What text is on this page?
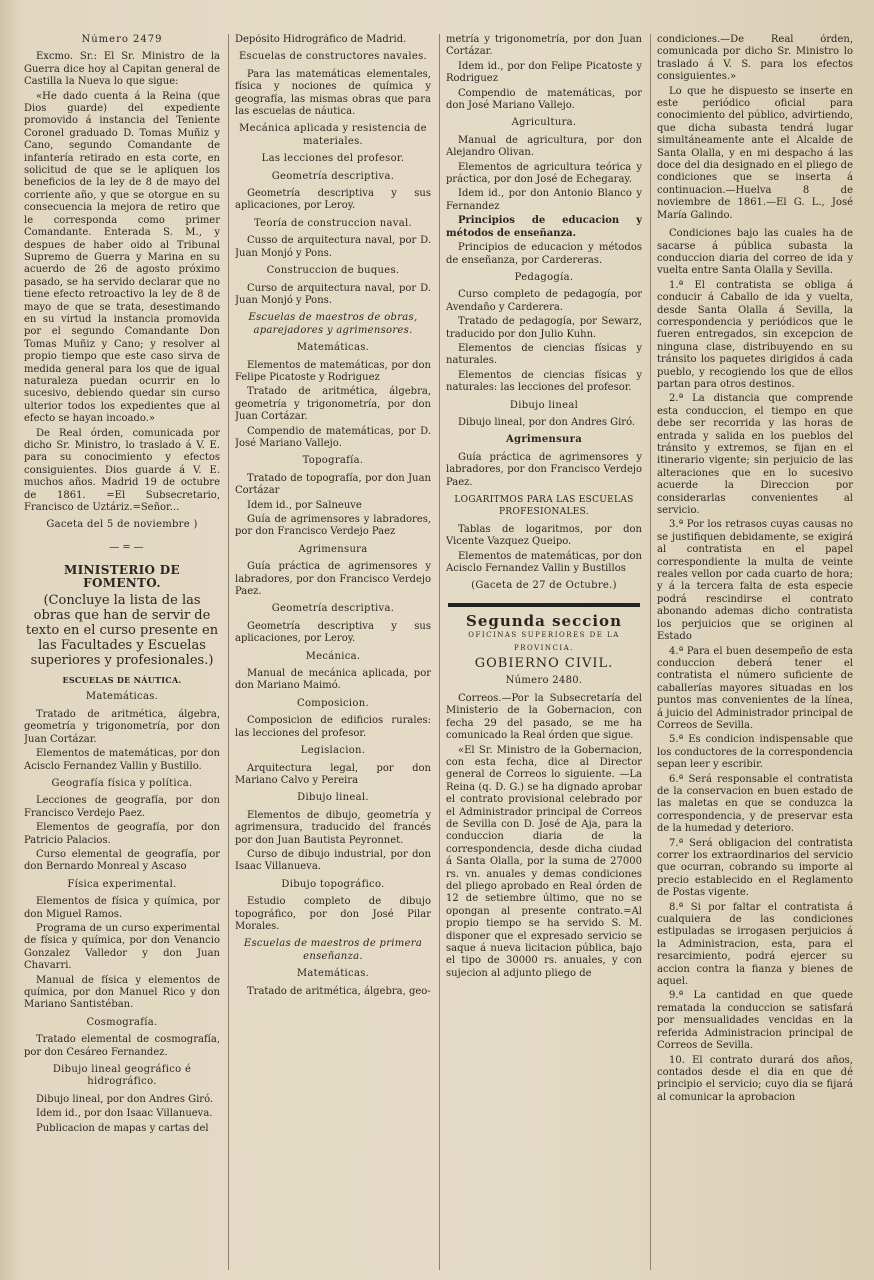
Número 2479

Excmo. Sr.: El Sr. Ministro de la Guerra dice hoy al Capitan general de Castilla la Nueva lo que sigue:

«He dado cuenta á la Reina (que Dios guarde) del expediente promovido á instancia del Teniente Coronel graduado D. Tomas Muñiz y Cano, segundo Comandante de infantería retirado en esta corte, en solicitud de que se le apliquen los beneficios de la ley de 8 de mayo del corriente año, y que se otorgue en su consecuencia la mejora de retiro que le corresponda como primer Comandante. Enterada S. M., y despues de haber oido al Tribunal Supremo de Guerra y Marina en su acuerdo de 26 de agosto próximo pasado, se ha servido declarar que no tiene efecto retroactivo la ley de 8 de mayo de que se trata, desestimando en su virtud la instancia promovida por el segundo Comandante Don Tomas Muñiz y Cano; y resolver al propio tiempo que este caso sirva de medida general para los que de igual naturaleza puedan ocurrir en lo sucesivo, debiendo quedar sin curso ulterior todos los expedientes que al efecto se hayan incoado.»

De Real órden, comunicada por dicho Sr. Ministro, lo traslado á V. E. para su conocimiento y efectos consiguientes. Dios guarde á V. E. muchos años. Madrid 19 de octubre de 1861. =El Subsecretario, Francisco de Uztáriz.=Señor...

Gaceta del 5 de noviembre )

—=—

MINISTERIO DE FOMENTO.

(Concluye la lista de las obras que han de servir de texto en el curso presente en las Facultades y Escuelas superiores y profesionales.)

ESCUELAS DE NÁUTICA.

Matemáticas.

Tratado de aritmética, álgebra, geometría y trigonometría, por don Juan Cortázar.

Elementos de matemáticas, por don Acisclo Fernandez Vallin y Bustillo.

Geografía física y política.

Lecciones de geografía, por don Francisco Verdejo Paez.

Elementos de geografía, por don Patricio Palacios.

Curso elemental de geografía, por don Bernardo Monreal y Ascaso

Física experimental.

Elementos de física y química, por don Miguel Ramos.

Programa de un curso experimental de física y química, por don Venancio Gonzalez Valledor y don Juan Chavarri.

Manual de física y elementos de química, por don Manuel Rico y don Mariano Santistéban.

Cosmografía.

Tratado elemental de cosmografía, por don Cesáreo Fernandez.

Dibujo lineal geográfico é hidrográfico.

Dibujo lineal, por don Andres Giró.

Idem id., por don Isaac Villanueva.

Publicacion de mapas y cartas del

Depósito Hidrográfico de Madrid.

Escuelas de constructores navales.

Para las matemáticas elementales, física y nociones de química y geografía, las mismas obras que para las escuelas de náutica.

Mecánica aplicada y resistencia de materiales.

Las lecciones del profesor.

Geometría descriptiva.

Geometría descriptiva y sus aplicaciones, por Leroy.

Teoría de construccion naval.

Cusso de arquitectura naval, por D. Juan Monjó y Pons.

Construccion de buques.

Curso de arquitectura naval, por D. Juan Monjó y Pons.

Escuelas de maestros de obras, aparejadores y agrimensores.

Matemáticas.

Elementos de matemáticas, por don Felipe Picatoste y Rodriguez

Tratado de aritmética, álgebra, geometría y trigonometría, por don Juan Cortázar.

Compendio de matemáticas, por D. José Mariano Vallejo.

Topografía.

Tratado de topografía, por don Juan Cortázar

Idem id., por Salneuve

Guía de agrimensores y labradores, por don Francisco Verdejo Paez

Agrimensura

Guía práctica de agrimensores y labradores, por don Francisco Verdejo Paez.

Geometría descriptiva.

Geometría descriptiva y sus aplicaciones, por Leroy.

Mecánica.

Manual de mecánica aplicada, por don Mariano Maimó.

Composicion.

Composicion de edificios rurales: las lecciones del profesor.

Legislacion.

Arquitectura legal, por don Mariano Calvo y Pereira

Dibujo lineal.

Elementos de dibujo, geometría y agrimensura, traducido del francés por don Juan Bautista Peyronnet.

Curso de dibujo industrial, por don Isaac Villanueva.

Dibujo topográfico.

Estudio completo de dibujo topográfico, por don José Pilar Morales.

Escuelas de maestros de primera enseñanza.

Matemáticas.

Tratado de aritmética, álgebra, geo-

metría y trigonometría, por don Juan Cortázar.

Idem id., por don Felipe Picatoste y Rodriguez

Compendio de matemáticas, por don José Mariano Vallejo.

Agricultura.

Manual de agricultura, por don Alejandro Olivan.

Elementos de agricultura teórica y práctica, por don José de Echegaray.

Idem id., por don Antonio Blanco y Fernandez

Principios de educacion y métodos de enseñanza.

Principios de educacion y métodos de enseñanza, por Cardereras.

Pedagogía.

Curso completo de pedagogía, por Avendaño y Carderera.

Tratado de pedagogía, por Sewarz, traducido por don Julio Kuhn.

Elementos de ciencias físicas y naturales.

Elementos de ciencias físicas y naturales: las lecciones del profesor.

Dibujo lineal

Dibujo lineal, por don Andres Giró.

Agrimensura

Guía práctica de agrimensores y labradores, por don Francisco Verdejo Paez.

LOGARITMOS PARA LAS ESCUELAS PROFESIONALES.

Tablas de logaritmos, por don Vicente Vazquez Queipo.

Elementos de matemáticas, por don Acisclo Fernandez Vallin y Bustillos

(Gaceta de 27 de Octubre.)

Segunda seccion

OFICINAS SUPERIORES DE LA PROVINCIA.

GOBIERNO CIVIL.

Número 2480.

Correos.—Por la Subsecretaría del Ministerio de la Gobernacion, con fecha 29 del pasado, se me ha comunicado la Real órden que sigue.

«El Sr. Ministro de la Gobernacion, con esta fecha, dice al Director general de Correos lo siguiente. —La Reina (q. D. G.) se ha dignado aprobar el contrato provisional celebrado por el Administrador principal de Correos de Sevilla con D. José de Aja, para la conduccion diaria de la correspondencia, desde dicha ciudad á Santa Olalla, por la suma de 27000 rs. vn. anuales y demas condiciones del pliego aprobado en Real órden de 12 de setiembre último, que no se opongan al presente contrato.=Al propio tiempo se ha servido S. M. disponer que el expresado servicio se saque á nueva licitacion pública, bajo el tipo de 30000 rs. anuales, y con sujecion al adjunto pliego de

condiciones.—De Real órden, comunicada por dicho Sr. Ministro lo traslado á V. S. para los efectos consiguientes.»

Lo que he dispuesto se inserte en este periódico oficial para conocimiento del público, advirtiendo, que dicha subasta tendrá lugar simultáneamente ante el Alcalde de Santa Olalla, y en mi despacho á las doce del dia designado en el pliego de condiciones que se inserta á continuacion.—Huelva 8 de noviembre de 1861.—El G. L., José María Galindo.

Condiciones bajo las cuales ha de sacarse á pública subasta la conduccion diaria del correo de ida y vuelta entre Santa Olalla y Sevilla.

1.ª El contratista se obliga á conducir á Caballo de ida y vuelta, desde Santa Olalla á Sevilla, la correspondencia y periódicos que le fueren entregados, sin excepcion de ninguna clase, distribuyendo en su tránsito los paquetes dirigidos á cada pueblo, y recogiendo los que de ellos partan para otros destinos.

2.ª La distancia que comprende esta conduccion, el tiempo en que debe ser recorrida y las horas de entrada y salida en los pueblos del tránsito y extremos, se fijan en el itinerario vigente; sin perjuicio de las alteraciones que en lo sucesivo acuerde la Direccion por considerarlas convenientes al servicio.

3.ª Por los retrasos cuyas causas no se justifiquen debidamente, se exigirá al contratista en el papel correspondiente la multa de veinte reales vellon por cada cuarto de hora; y á la tercera falta de esta especie podrá rescindirse el contrato abonando ademas dicho contratista los perjuicios que se originen al Estado

4.ª Para el buen desempeño de esta conduccion deberá tener el contratista el número suficiente de caballerías mayores situadas en los puntos mas convenientes de la línea, á juicio del Administrador principal de Correos de Sevilla.

5.ª Es condicion indispensable que los conductores de la correspondencia sepan leer y escribir.

6.ª Será responsable el contratista de la conservacion en buen estado de las maletas en que se conduzca la correspondencia, y de preservar esta de la humedad y deterioro.

7.ª Será obligacion del contratista correr los extraordinarios del servicio que ocurran, cobrando su importe al precio establecido en el Reglamento de Postas vigente.

8.ª Si por faltar el contratista á cualquiera de las condiciones estipuladas se irrogasen perjuicios á la Administracion, esta, para el resarcimiento, podrá ejercer su accion contra la fianza y bienes de aquel.

9.ª La cantidad en que quede rematada la conduccion se satisfará por mensualidades vencidas en la referida Administracion principal de Correos de Sevilla.

10. El contrato durará dos años, contados desde el dia en que dé principio el servicio; cuyo dia se fijará al comunicar la aprobacion
